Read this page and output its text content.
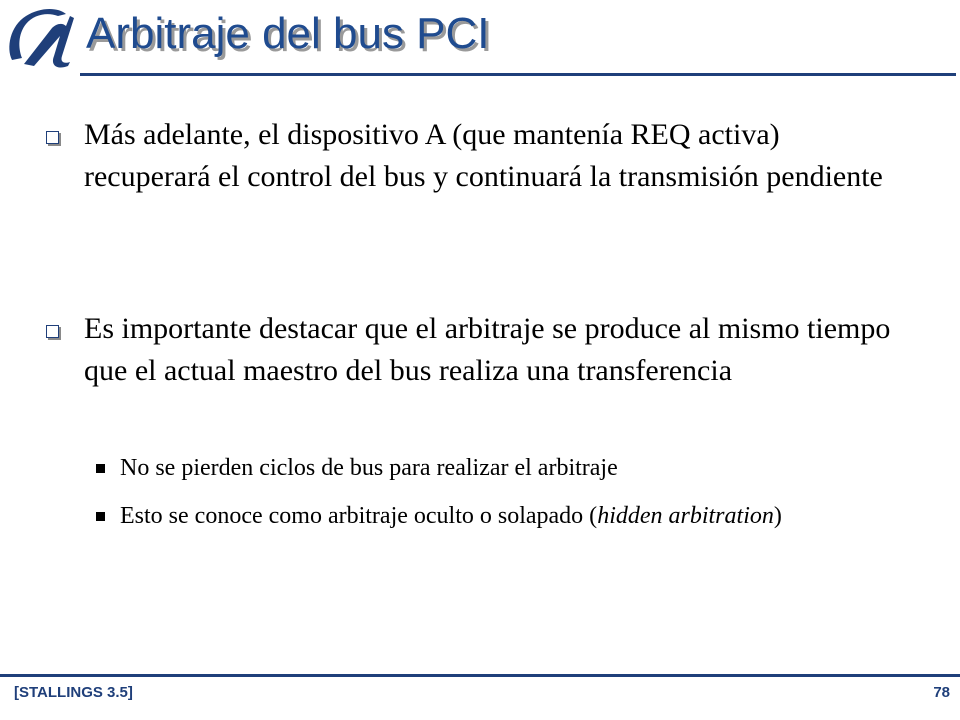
Arbitraje del bus PCI
Más adelante, el dispositivo A (que mantenía REQ activa) recuperará el control del bus y continuará la transmisión pendiente
Es importante destacar que el arbitraje se produce al mismo tiempo que el actual maestro del bus realiza una transferencia
No se pierden ciclos de bus para realizar el arbitraje
Esto se conoce como arbitraje oculto o solapado (hidden arbitration)
[STALLINGS 3.5]	78
